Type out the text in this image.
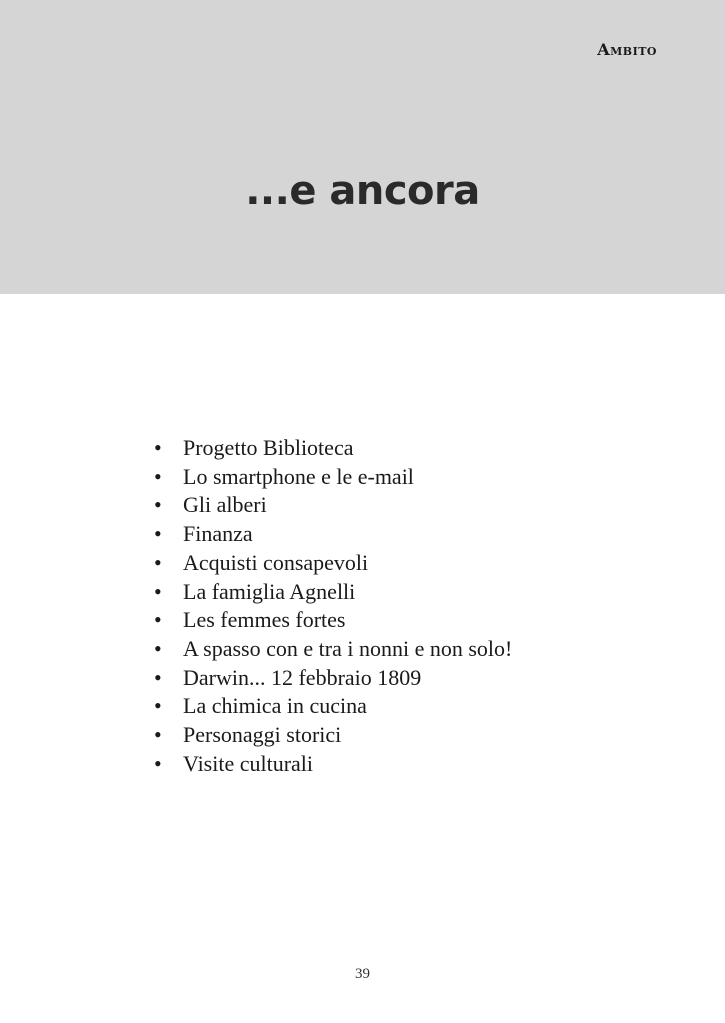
Ambito
...e ancora
• Progetto Biblioteca
• Lo smartphone e le e-mail
• Gli alberi
• Finanza
• Acquisti consapevoli
• La famiglia Agnelli
• Les femmes fortes
• A spasso con e tra i nonni e non solo!
• Darwin... 12 febbraio 1809
• La chimica in cucina
• Personaggi storici
• Visite culturali
39
